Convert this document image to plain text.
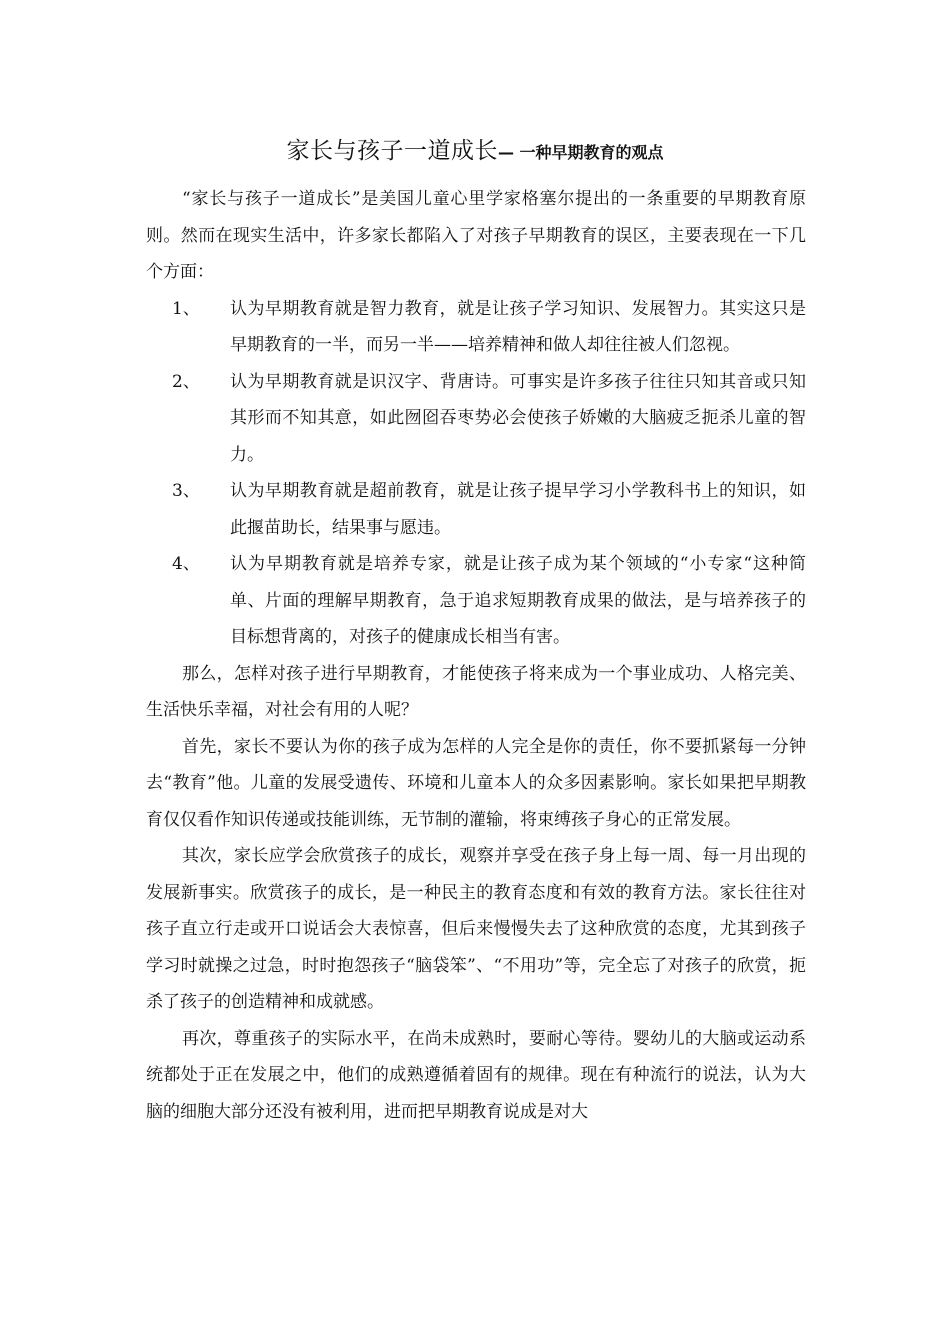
家长与孩子一道成长— 一种早期教育的观点

“家长与孩子一道成长”是美国儿童心里学家格塞尔提出的一条重要的早期教育原则。然而在现实生活中，许多家长都陷入了对孩子早期教育的误区，主要表现在一下几个方面：

1、 认为早期教育就是智力教育，就是让孩子学习知识、发展智力。其实这只是早期教育的一半，而另一半——培养精神和做人却往往被人们忽视。
2、 认为早期教育就是识汉字、背唐诗。可事实是许多孩子往往只知其音或只知其形而不知其意，如此囫囵吞枣势必会使孩子娇嫩的大脑疲乏扼杀儿童的智力。
3、 认为早期教育就是超前教育，就是让孩子提早学习小学教科书上的知识，如此揠苗助长，结果事与愿违。
4、 认为早期教育就是培养专家，就是让孩子成为某个领域的“小专家“这种简单、片面的理解早期教育，急于追求短期教育成果的做法，是与培养孩子的目标想背离的，对孩子的健康成长相当有害。

那么，怎样对孩子进行早期教育，才能使孩子将来成为一个事业成功、人格完美、生活快乐幸福，对社会有用的人呢？

首先，家长不要认为你的孩子成为怎样的人完全是你的责任，你不要抓紧每一分钟去“教育”他。儿童的发展受遗传、环境和儿童本人的众多因素影响。家长如果把早期教育仅仅看作知识传递或技能训练，无节制的灌输，将束缚孩子身心的正常发展。

其次，家长应学会欣赏孩子的成长，观察并享受在孩子身上每一周、每一月出现的发展新事实。欣赏孩子的成长，是一种民主的教育态度和有效的教育方法。家长往往对孩子直立行走或开口说话会大表惊喜，但后来慢慢失去了这种欣赏的态度，尤其到孩子学习时就操之过急，时时抱怨孩子“脑袋笨”、“不用功”等，完全忘了对孩子的欣赏，扼杀了孩子的创造精神和成就感。

再次，尊重孩子的实际水平，在尚未成熟时，要耐心等待。婴幼儿的大脑或运动系统都处于正在发展之中，他们的成熟遵循着固有的规律。现在有种流行的说法，认为大脑的细胞大部分还没有被利用，进而把早期教育说成是对大
